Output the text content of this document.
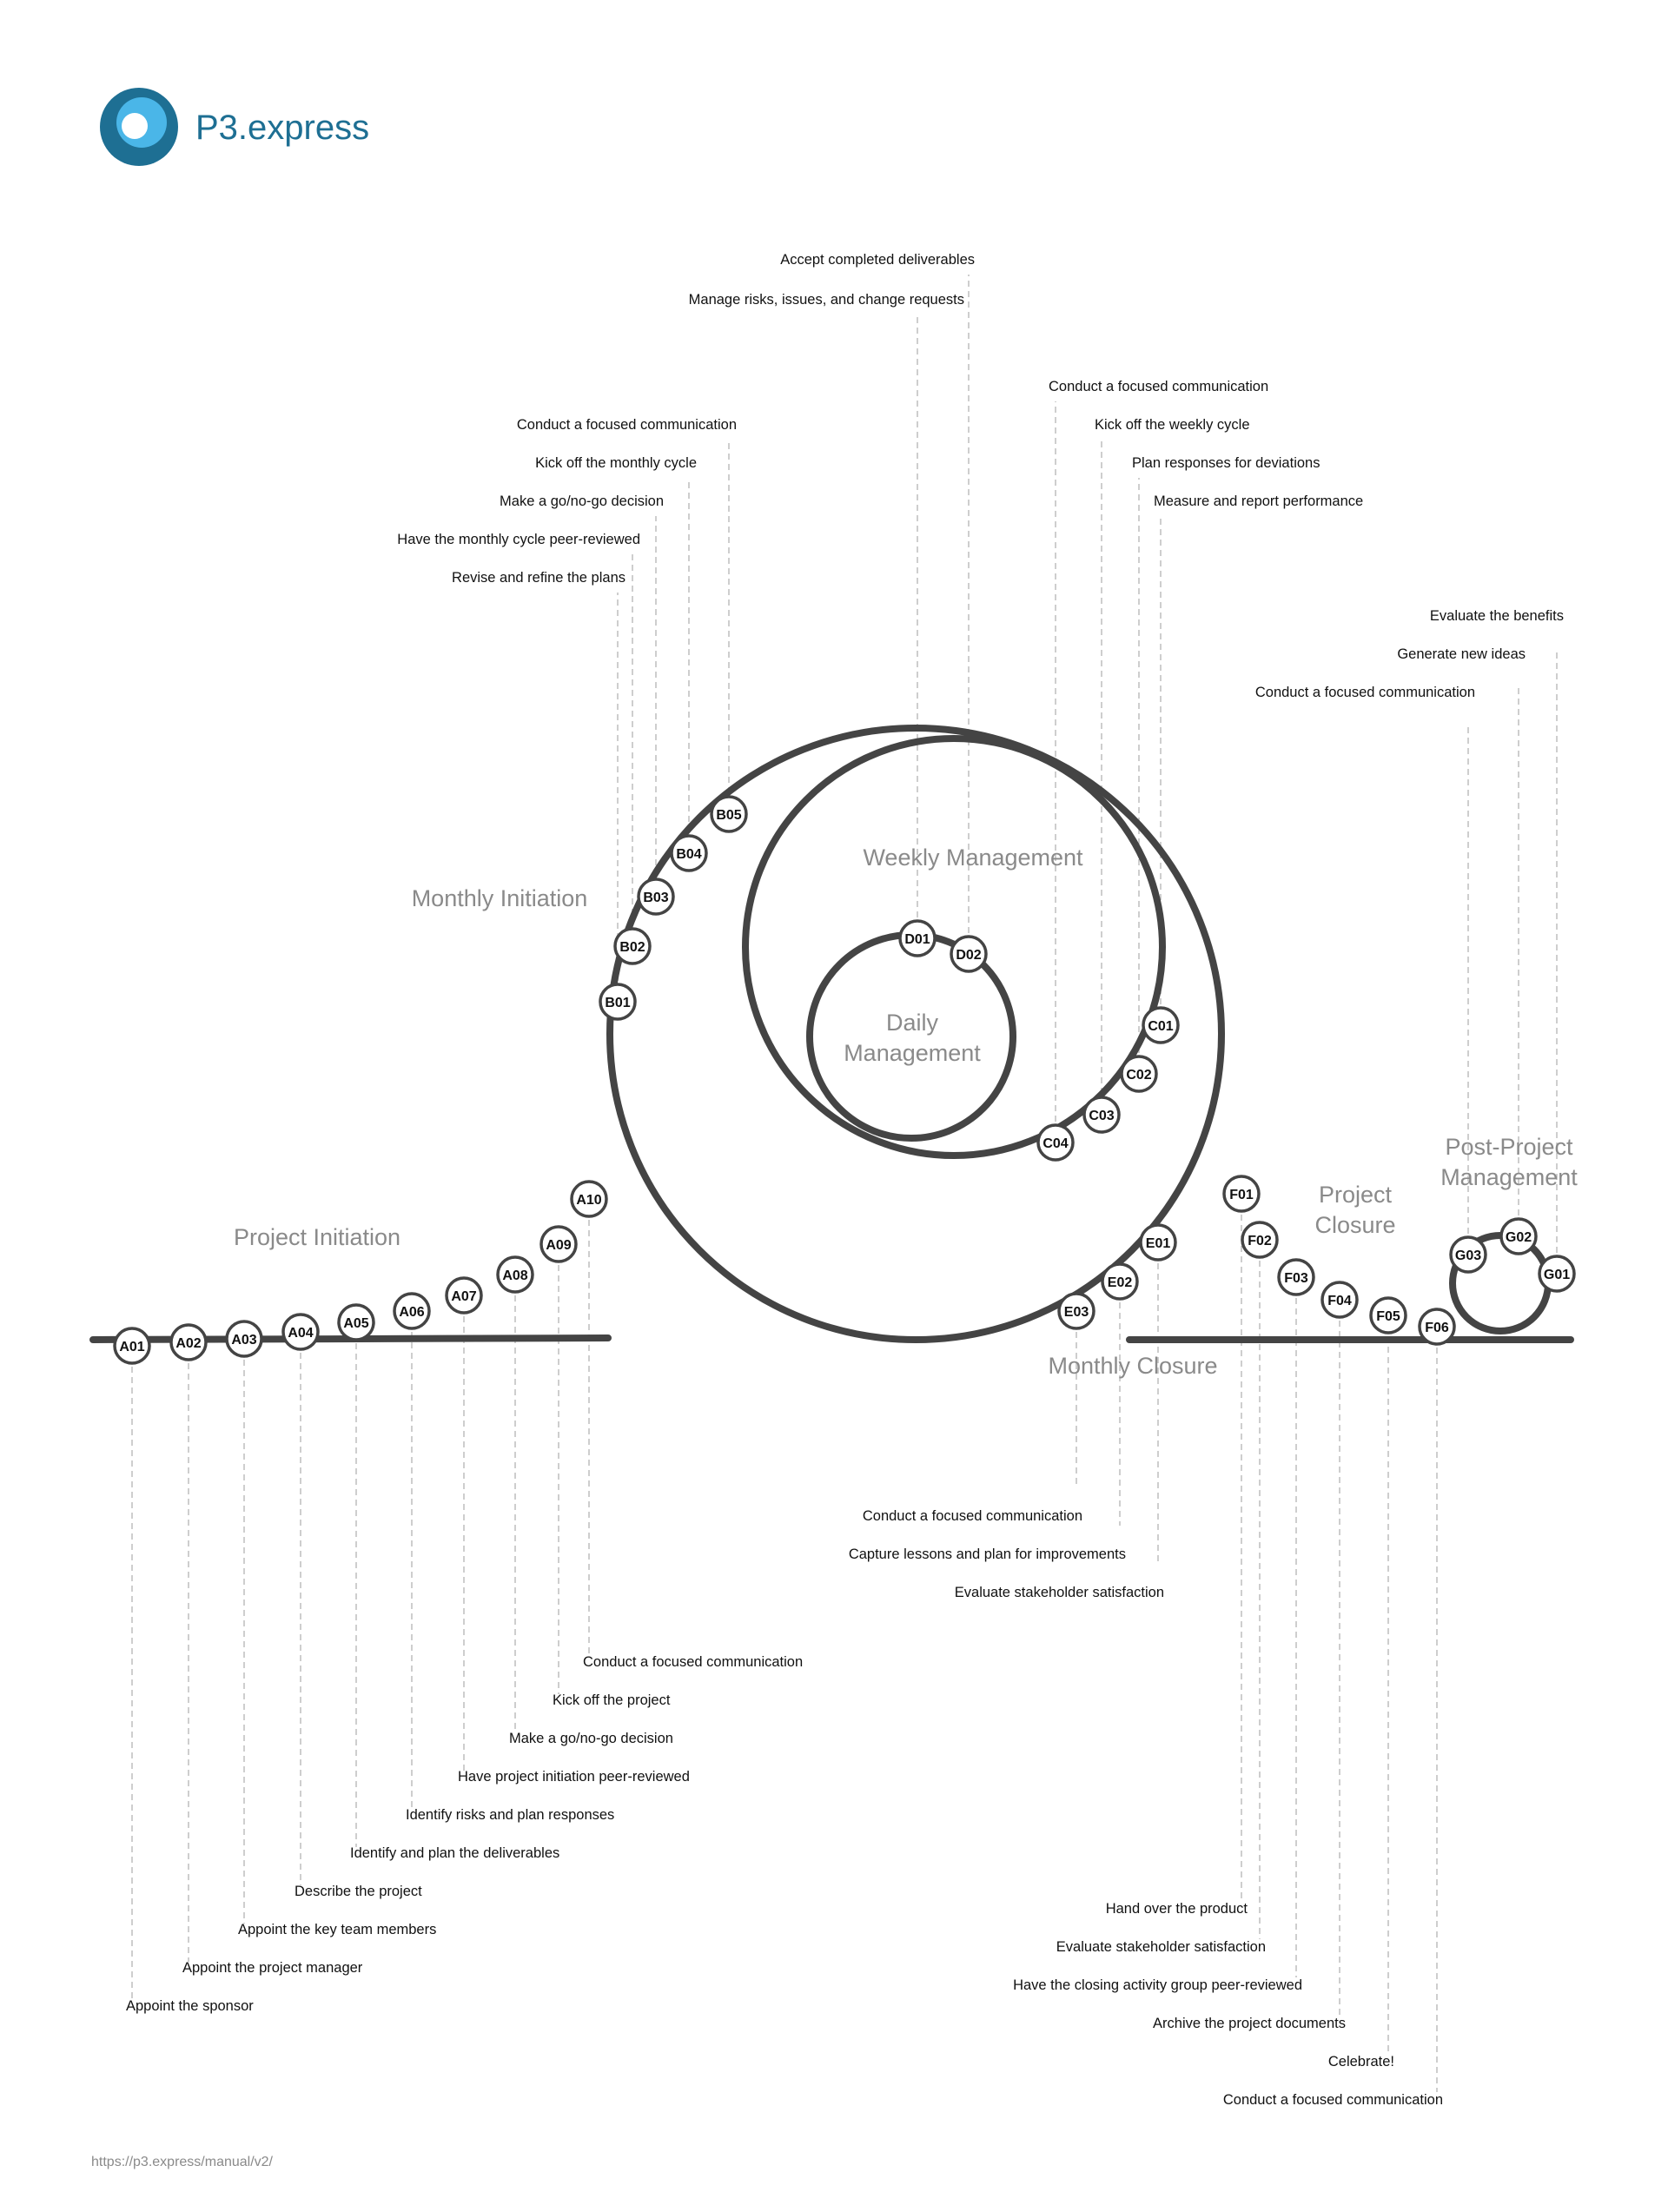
P3.express
Project Initiation
Monthly Initiation
Weekly Management
Daily
Management
Monthly Closure
Project
Closure
Post-Project
Management
Appoint the sponsor
Appoint the project manager
Appoint the key team members
Describe the project
Identify and plan the deliverables
Identify risks and plan responses
Have project initiation peer-reviewed
Make a go/no-go decision
Kick off the project
Conduct a focused communication
Revise and refine the plans
Have the monthly cycle peer-reviewed
Make a go/no-go decision
Kick off the monthly cycle
Conduct a focused communication
Measure and report performance
Plan responses for deviations
Kick off the weekly cycle
Conduct a focused communication
Manage risks, issues, and change requests
Accept completed deliverables
Evaluate stakeholder satisfaction
Capture lessons and plan for improvements
Conduct a focused communication
Hand over the product
Evaluate stakeholder satisfaction
Have the closing activity group peer-reviewed
Archive the project documents
Celebrate!
Conduct a focused communication
Evaluate the benefits
Generate new ideas
Conduct a focused communication
A01 A02 A03 A04
A05
A06
A07
A08
A09
A10
B01
B02
B03
B04
B05
C01
C02
C03
C04
D01
D02
E01
E02
E03
F01
F02
F03
F04
F05
F06
G01
G02
G03
https://p3.express/manual/v2/
